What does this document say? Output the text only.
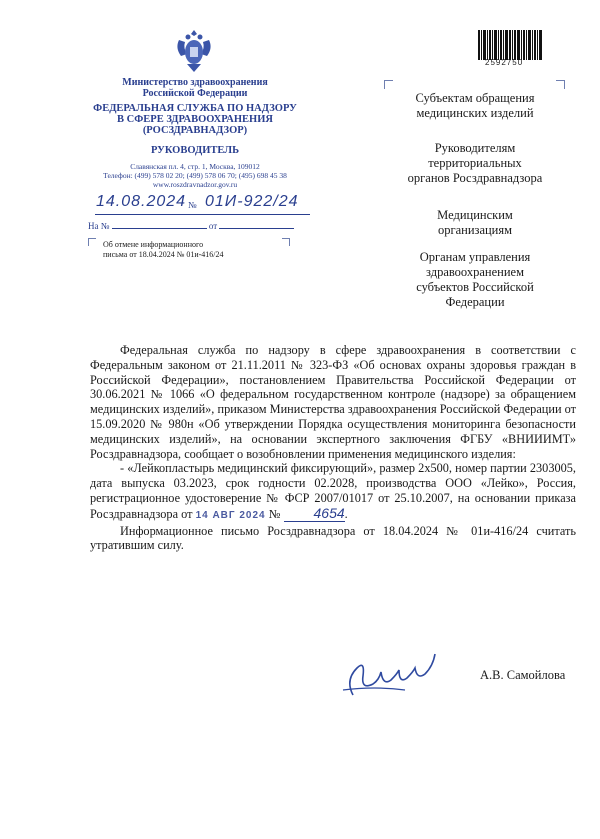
Министерство здравоохранения
Российской Федерации
ФЕДЕРАЛЬНАЯ СЛУЖБА ПО НАДЗОРУ
В СФЕРЕ ЗДРАВООХРАНЕНИЯ
(РОСЗДРАВНАДЗОР)
РУКОВОДИТЕЛЬ
Славянская пл. 4, стр. 1, Москва, 109012
Телефон: (499) 578 02 20; (499) 578 06 70; (495) 698 45 38
www.roszdravnadzor.gov.ru
14.08.2024 № 01И-922/24
На №	от
Об отмене информационного
письма от 18.04.2024 № 01и-416/24
2592750
Субъектам обращения
медицинских изделий
Руководителям
территориальных
органов Росздравнадзора
Медицинским
организациям
Органам управления
здравоохранением
субъектов Российской
Федерации

Федеральная служба по надзору в сфере здравоохранения в соответствии с Федеральным законом от 21.11.2011 № 323-ФЗ «Об основах охраны здоровья граждан в Российской Федерации», постановлением Правительства Российской Федерации от 30.06.2021 № 1066 «О федеральном государственном контроле (надзоре) за обращением медицинских изделий», приказом Министерства здравоохранения Российской Федерации от 15.09.2020 № 980н «Об утверждении Порядка осуществления мониторинга безопасности медицинских изделий», на основании экспертного заключения ФГБУ «ВНИИИМТ» Росздравнадзора, сообщает о возобновлении применения медицинского изделия:

- «Лейкопластырь медицинский фиксирующий», размер 2х500, номер партии 2303005, дата выпуска 03.2023, срок годности 02.2028, производства ООО «Лейко», Россия, регистрационное удостоверение № ФСР 2007/01017 от 25.10.2007, на основании приказа Росздравнадзора от 14 АВГ 2024 № 4654.

Информационное письмо Росздравнадзора от 18.04.2024 № 01и-416/24 считать утратившим силу.

А.В. Самойлова
